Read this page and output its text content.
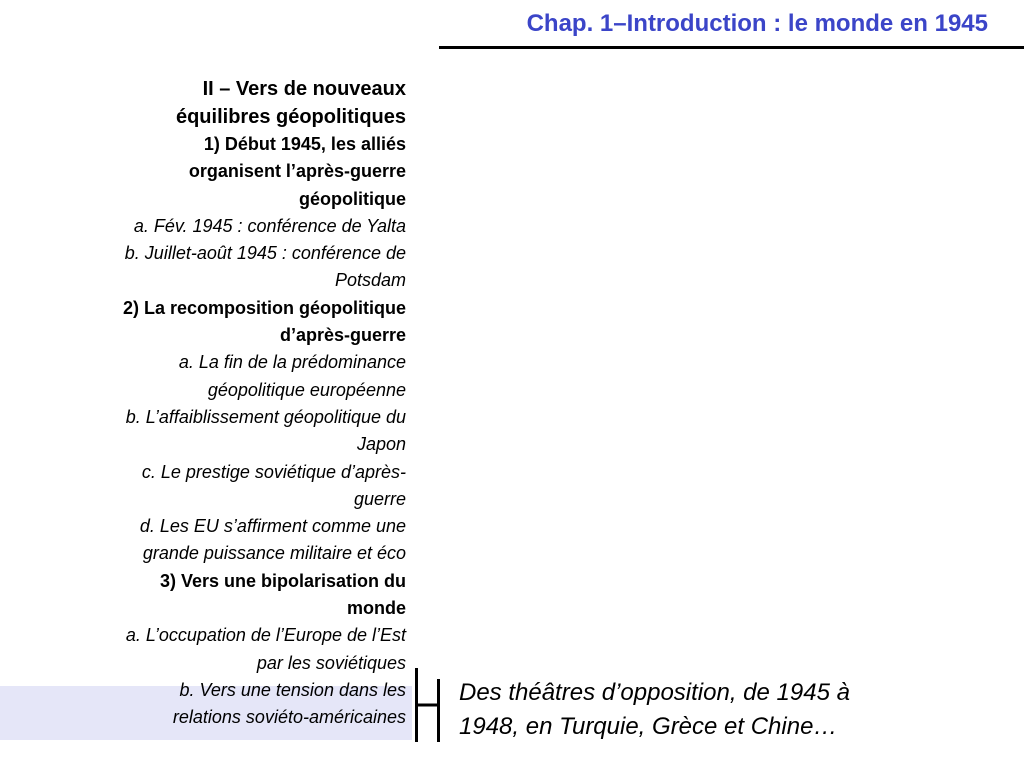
Chap. 1–Introduction : le monde en 1945
II – Vers de nouveaux
équilibres géopolitiques
1) Début 1945, les alliés
organisent l’après-guerre
géopolitique
a. Fév. 1945 : conférence de Yalta
b. Juillet-août 1945 : conférence de
Potsdam
2) La recomposition géopolitique
d’après-guerre
a. La fin de la prédominance
géopolitique européenne
b. L’affaiblissement géopolitique du
Japon
c. Le prestige soviétique d’après-
guerre
d. Les EU s’affirment comme une
grande puissance militaire et éco
3) Vers une bipolarisation du
monde
a. L’occupation de l’Europe de l’Est
par les soviétiques
b. Vers une tension dans les
relations soviéto-américaines
Des théâtres d’opposition, de 1945 à
1948, en Turquie, Grèce et Chine…
